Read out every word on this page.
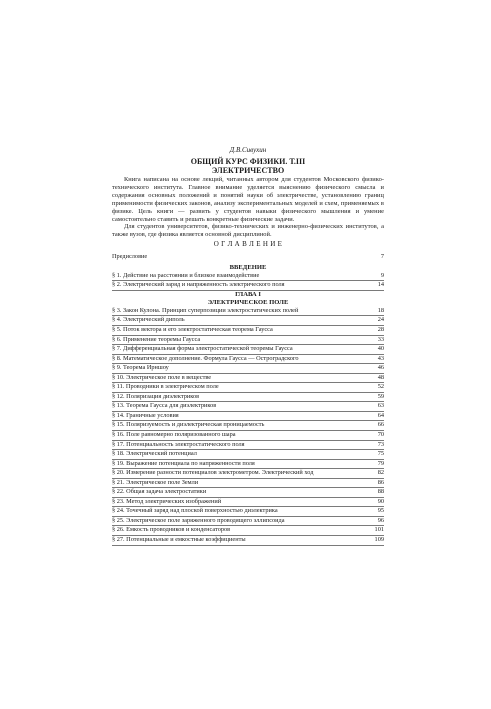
Д.В.Сивухин
ОБЩИЙ КУРС ФИЗИКИ. Т.III
ЭЛЕКТРИЧЕСТВО

Книга написана на основе лекций, читанных автором для студентов Московского физико-технического института. Главное внимание уделяется выяснению физического смысла и содержания основных положений и понятий науки об электричестве, установлению границ применимости физических законов, анализу экспериментальных моделей и схем, применяемых в физике. Цель книги — развить у студентов навыки физического мышления и умение самостоятельно ставить и решать конкретные физические задачи.

Для студентов университетов, физико-технических и инженерно-физических институтов, а также вузов, где физика является основной дисциплиной.

О Г Л А В Л Е Н И Е
Предисловие	7
ВВЕДЕНИЕ
§ 1. Действие на расстоянии и близкое взаимодействие	9
§ 2. Электрический заряд и напряженность электрического поля	14
ГЛАВА I
ЭЛЕКТРИЧЕСКОЕ ПОЛЕ
§ 3. Закон Кулона. Принцип суперпозиции электростатических полей	18
§ 4. Электрический диполь	24
§ 5. Поток вектора и его электростатическая теорема Гаусса	28
§ 6. Применение теоремы Гаусса	33
§ 7. Дифференциальная форма электростатической теоремы Гаусса	40
§ 8. Математическое дополнение. Формула Гаусса — Остроградского	43
§ 9. Теорема Ирншоу	46
§ 10. Электрическое поле в веществе	48
§ 11. Проводники в электрическом поле	52
§ 12. Поляризация диэлектриков	59
§ 13. Теорема Гаусса для диэлектриков	63
§ 14. Граничные условия	64
§ 15. Поляризуемость и диэлектрическая проницаемость	66
§ 16. Поле равномерно поляризованного шара	70
§ 17. Потенциальность электростатического поля	73
§ 18. Электрический потенциал	75
§ 19. Выражение потенциала по напряженности поля	79
§ 20. Измерение разности потенциалов электрометром. Электрический ход	82
§ 21. Электрическое поле Земли	86
§ 22. Общая задача электростатики	88
§ 23. Метод электрических изображений	90
§ 24. Точечный заряд над плоской поверхностью диэлектрика	95
§ 25. Электрическое поле заряженного проводящего эллипсоида	96
§ 26. Емкость проводников и конденсаторов	101
§ 27. Потенциальные и емкостные коэффициенты	109
